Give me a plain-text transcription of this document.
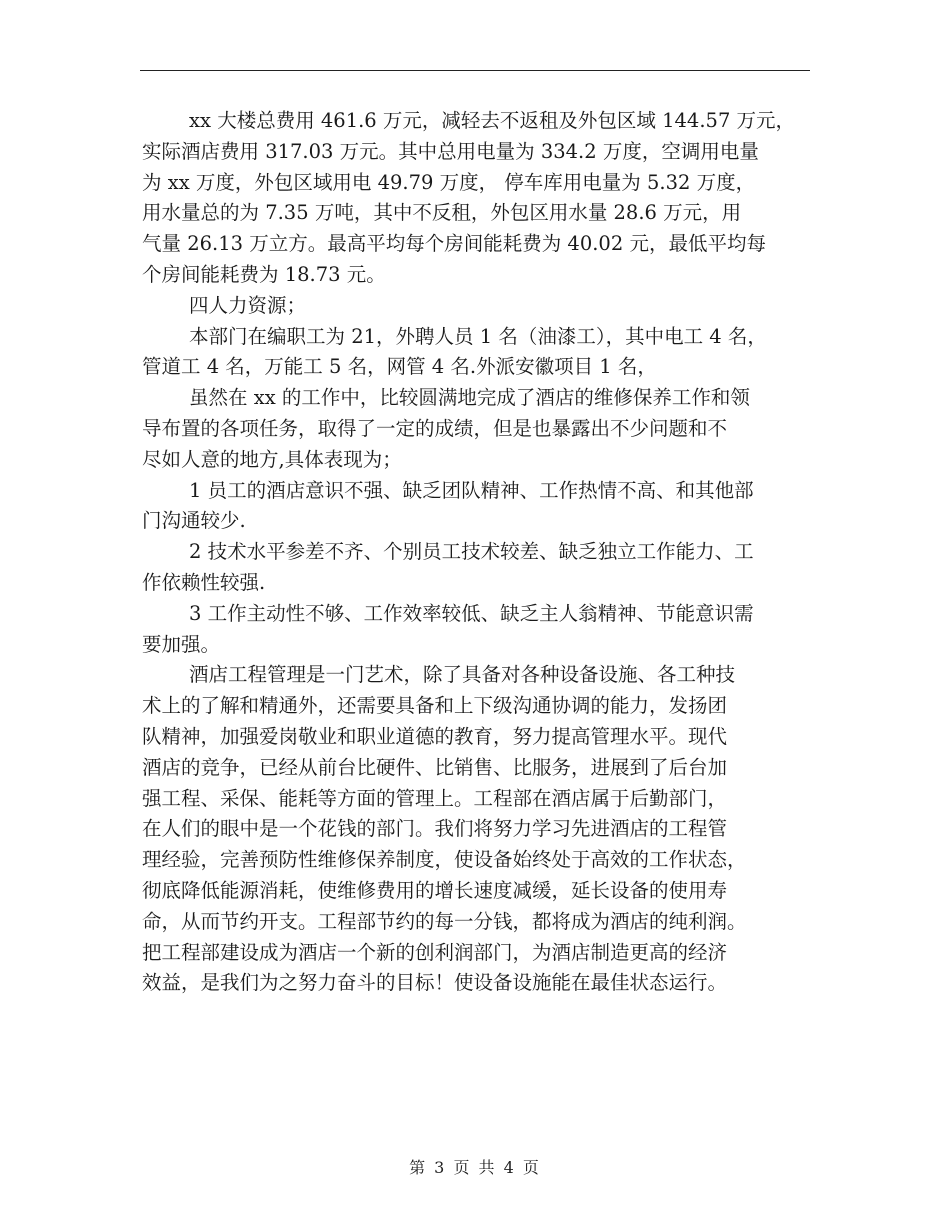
xx 大楼总费用 461.6 万元，减轻去不返租及外包区域 144.57 万元，
实际酒店费用 317.03 万元。其中总用电量为 334.2 万度，空调用电量
为 xx 万度，外包区域用电 49.79 万度， 停车库用电量为 5.32 万度，
用水量总的为 7.35 万吨，其中不反租，外包区用水量 28.6 万元，用
气量 26.13 万立方。最高平均每个房间能耗费为 40.02 元，最低平均每
个房间能耗费为 18.73 元。

四人力资源；

本部门在编职工为 21，外聘人员 1 名（油漆工），其中电工 4 名，
管道工 4 名，万能工 5 名，网管 4 名.外派安徽项目 1 名，

虽然在 xx 的工作中，比较圆满地完成了酒店的维修保养工作和领
导布置的各项任务，取得了一定的成绩，但是也暴露出不少问题和不
尽如人意的地方,具体表现为；

1 员工的酒店意识不强、缺乏团队精神、工作热情不高、和其他部
门沟通较少.

2 技术水平参差不齐、个别员工技术较差、缺乏独立工作能力、工
作依赖性较强.

3 工作主动性不够、工作效率较低、缺乏主人翁精神、节能意识需
要加强。

酒店工程管理是一门艺术，除了具备对各种设备设施、各工种技
术上的了解和精通外，还需要具备和上下级沟通协调的能力，发扬团
队精神，加强爱岗敬业和职业道德的教育，努力提高管理水平。现代
酒店的竞争，已经从前台比硬件、比销售、比服务，进展到了后台加
强工程、采保、能耗等方面的管理上。工程部在酒店属于后勤部门，
在人们的眼中是一个花钱的部门。我们将努力学习先进酒店的工程管
理经验，完善预防性维修保养制度，使设备始终处于高效的工作状态，
彻底降低能源消耗，使维修费用的增长速度减缓，延长设备的使用寿
命，从而节约开支。工程部节约的每一分钱，都将成为酒店的纯利润。
把工程部建设成为酒店一个新的创利润部门，为酒店制造更高的经济
效益，是我们为之努力奋斗的目标！使设备设施能在最佳状态运行。

第 3 页 共 4 页
